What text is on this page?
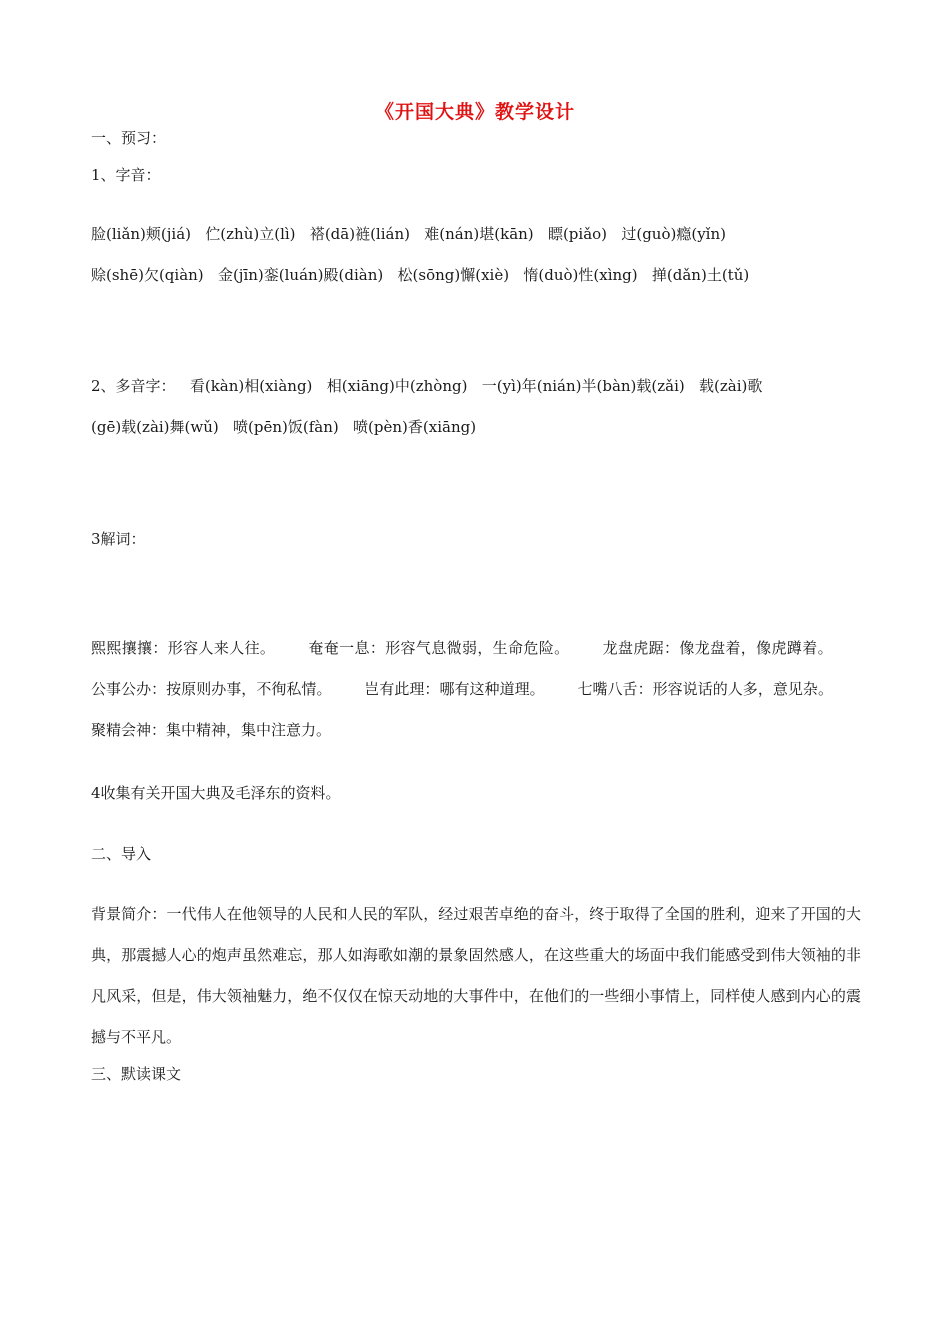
《开国大典》教学设计
一、预习：
1、字音：
脸(liǎn)颊(jiá)   伫(zhù)立(lì)   褡(dā)裢(lián)   难(nán)堪(kān)   瞟(piǎo)   过(guò)瘾(yǐn)
赊(shē)欠(qiàn)   金(jīn)銮(luán)殿(diàn)   松(sōng)懈(xiè)   惰(duò)性(xìng)   掸(dǎn)土(tǔ)
2、多音字：   看(kàn)相(xiàng)   相(xiāng)中(zhòng)   一(yì)年(nián)半(bàn)载(zǎi)   载(zài)歌
(gē)载(zài)舞(wǔ)   喷(pēn)饭(fàn)   喷(pèn)香(xiāng)
3解词：
熙熙攘攘：形容人来人往。 奄奄一息：形容气息微弱，生命危险。 龙盘虎踞：像龙盘着，像虎蹲着。 公事公办：按原则办事，不徇私情。 岂有此理：哪有这种道理。 七嘴八舌：形容说话的人多，意见杂。 聚精会神：集中精神，集中注意力。
4收集有关开国大典及毛泽东的资料。
二、导入
背景简介：一代伟人在他领导的人民和人民的军队，经过艰苦卓绝的奋斗，终于取得了全国的胜利，迎来了开国的大典，那震撼人心的炮声虽然难忘，那人如海歌如潮的景象固然感人，在这些重大的场面中我们能感受到伟大领袖的非凡风采，但是，伟大领袖魅力，绝不仅仅在惊天动地的大事件中，在他们的一些细小事情上，同样使人感到内心的震撼与不平凡。
三、默读课文
